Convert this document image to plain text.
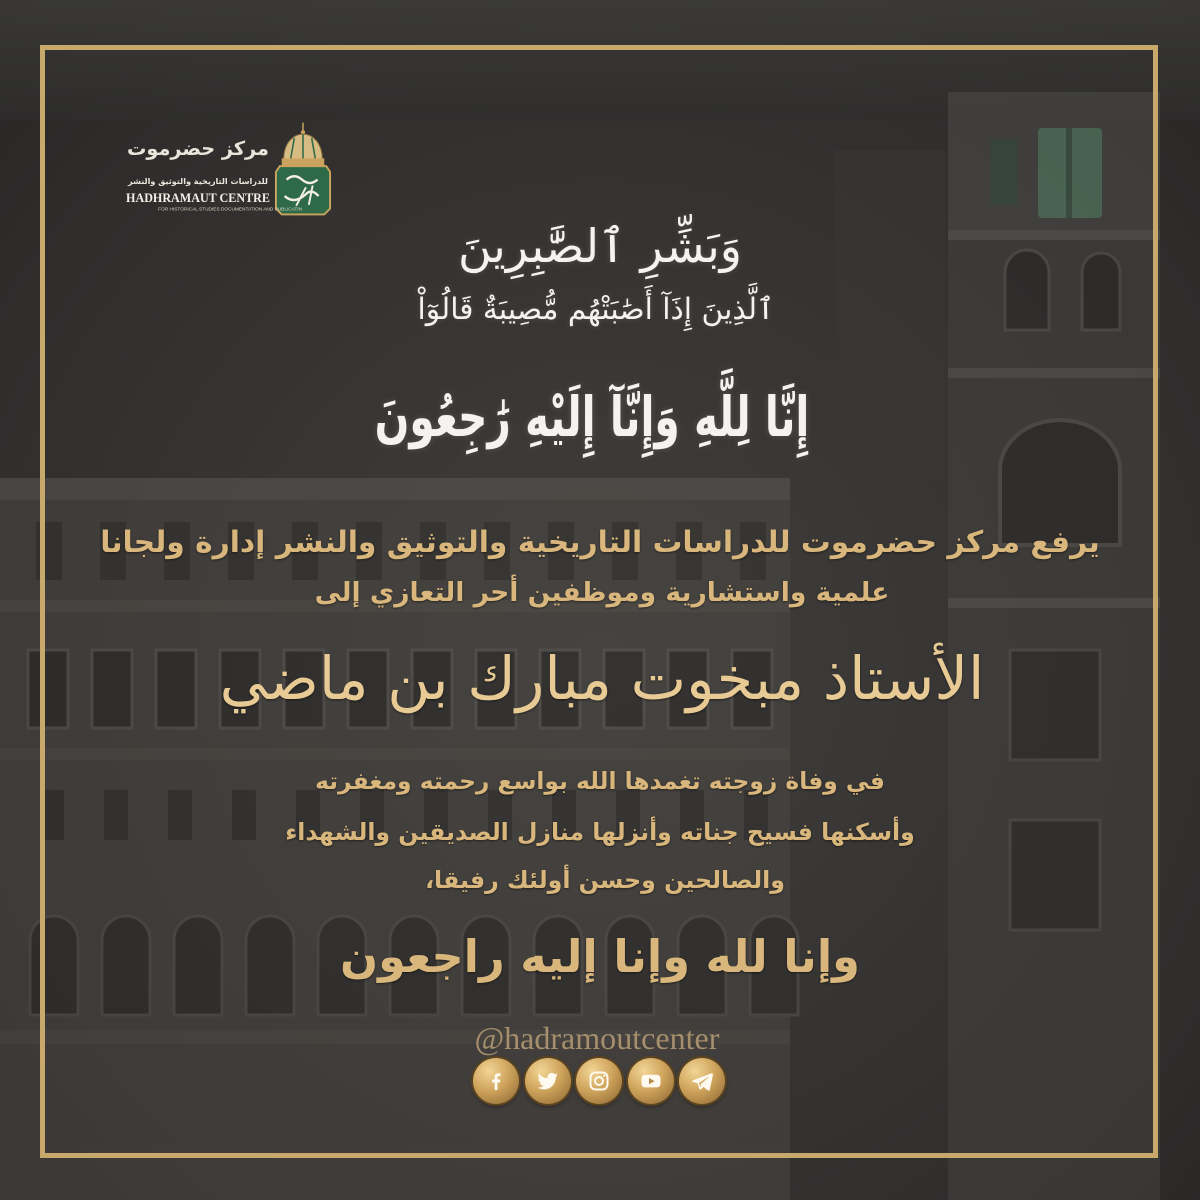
مركز حضرموت
للدراسات التاريخية والتوثيق والنشر
HADHRAMAUT CENTRE
FOR HISTORICAL STUDIES DOCUMENTATION AND PUBLICATIN
وَبَشِّرِ ٱلصَّٰبِرِينَ
ٱلَّذِينَ إِذَآ أَصَٰبَتْهُم مُّصِيبَةٌ قَالُوٓاْ
إِنَّا لِلَّهِ وَإِنَّآ إِلَيْهِ رَٰجِعُونَ
يرفع مركز حضرموت للدراسات التاريخية والتوثيق والنشر إدارة ولجانا
علمية واستشارية وموظفين أحر التعازي إلى
الأستاذ مبخوت مبارك بن ماضي
في وفاة زوجته تغمدها الله بواسع رحمته ومغفرته
وأسكنها فسيح جناته وأنزلها منازل الصديقين والشهداء
والصالحين وحسن أولئك رفيقا،
وإنا لله وإنا إليه راجعون
@hadramoutcenter
